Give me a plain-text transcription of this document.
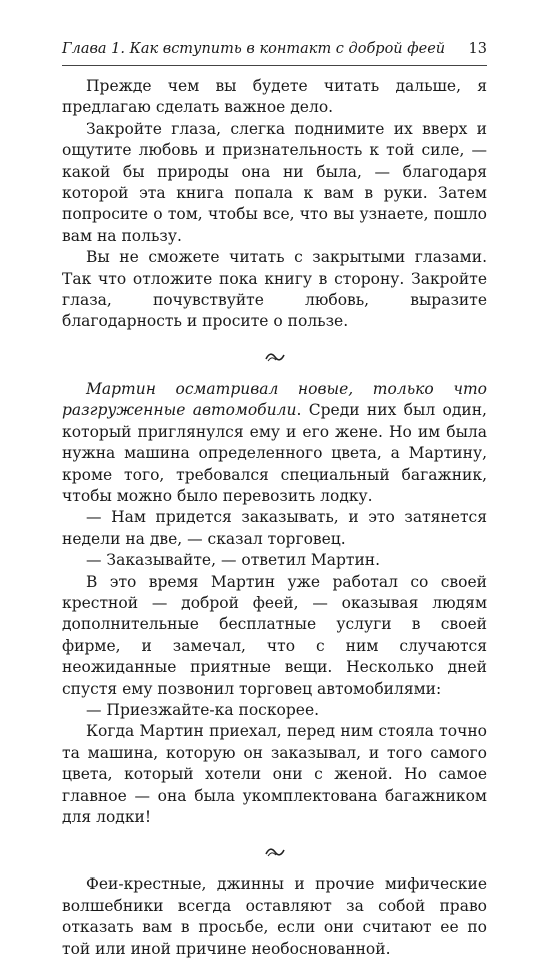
Глава 1. Как вступить в контакт с доброй феей 13

Прежде чем вы будете читать дальше, я предлагаю сделать важное дело.

Закройте глаза, слегка поднимите их вверх и ощутите любовь и признательность к той силе, — какой бы природы она ни была, — благодаря которой эта книга попала к вам в руки. Затем попросите о том, чтобы все, что вы узнаете, пошло вам на пользу.

Вы не сможете читать с закрытыми глазами. Так что отложите пока книгу в сторону. Закройте глаза, почувствуйте любовь, выразите благодарность и просите о пользе.

Мартин осматривал новые, только что разгруженные автомобили. Среди них был один, который приглянулся ему и его жене. Но им была нужна машина определенного цвета, а Мартину, кроме того, требовался специальный багажник, чтобы можно было перевозить лодку.

— Нам придется заказывать, и это затянется недели на две, — сказал торговец.

— Заказывайте, — ответил Мартин.

В это время Мартин уже работал со своей крестной — доброй феей, — оказывая людям дополнительные бесплатные услуги в своей фирме, и замечал, что с ним случаются неожиданные приятные вещи. Несколько дней спустя ему позвонил торговец автомобилями:

— Приезжайте-ка поскорее.

Когда Мартин приехал, перед ним стояла точно та машина, которую он заказывал, и того самого цвета, который хотели они с женой. Но самое главное — она была укомплектована багажником для лодки!

Феи-крестные, джинны и прочие мифические волшебники всегда оставляют за собой право отказать вам в просьбе, если они считают ее по той или иной причине необоснованной.
